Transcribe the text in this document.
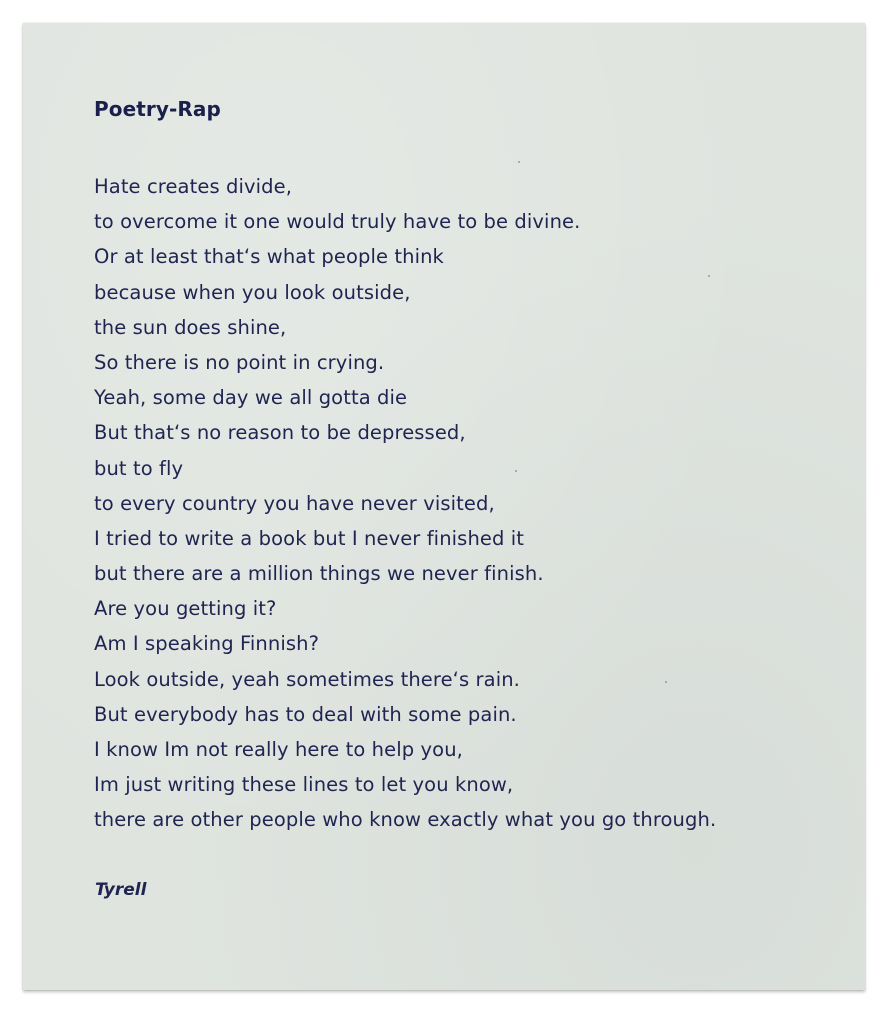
Poetry-Rap
Hate creates divide,
to overcome it one would truly have to be divine.
Or at least that‘s what people think
because when you look outside,
the sun does shine,
So there is no point in crying.
Yeah, some day we all gotta die
But that‘s no reason to be depressed,
but to fly
to every country you have never visited,
I tried to write a book but I never finished it
but there are a million things we never finish.
Are you getting it?
Am I speaking Finnish?
Look outside, yeah sometimes there‘s rain.
But everybody has to deal with some pain.
I know Im not really here to help you,
Im just writing these lines to let you know,
there are other people who know exactly what you go through.

Tyrell
